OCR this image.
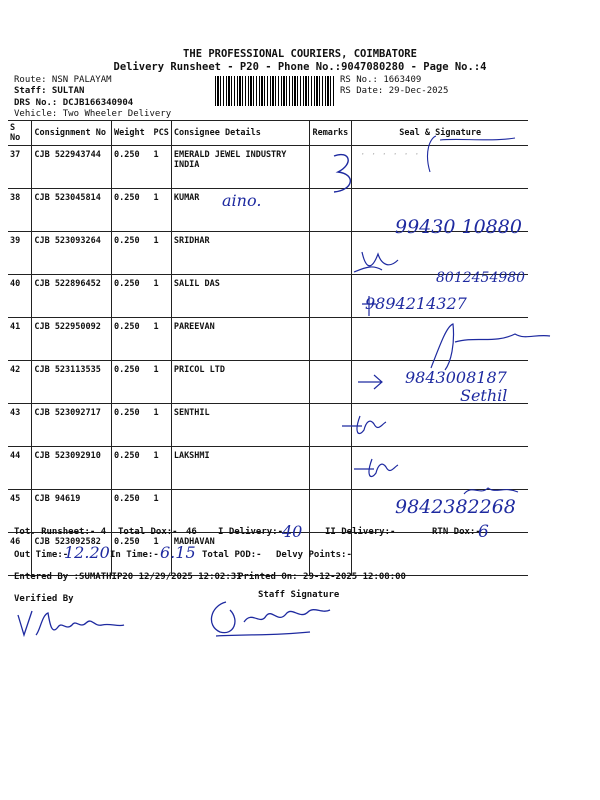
THE PROFESSIONAL COURIERS, COIMBATORE
Delivery Runsheet - P20 - Phone No.:9047080280 - Page No.:4
Route: NSN PALAYAM
Staff: SULTAN
DRS No.: DCJB166340904
Vehicle: Two Wheeler Delivery
RS No.: 1663409
RS Date: 29-Dec-2025
S No	Consignment No	Weight	PCS	Consignee Details	Remarks	Seal & Signature
37	CJB 522943744	0.250	1	EMERALD JEWEL INDUSTRY INDIA		
38	CJB 523045814	0.250	1	KUMAR		
39	CJB 523093264	0.250	1	SRIDHAR		
40	CJB 522896452	0.250	1	SALIL DAS		
41	CJB 522950092	0.250	1	PAREEVAN		
42	CJB 523113535	0.250	1	PRICOL LTD		
43	CJB 523092717	0.250	1	SENTHIL		
44	CJB 523092910	0.250	1	LAKSHMI		
45	CJB 94619	0.250	1			
46	CJB 523092582	0.250	1	MADHAVAN		
· · · · · ·
aino.
99430 10880
8012454980
9894214327
9843008187
Sethil
9842382268
Tot. Runsheet:- 4 Total Dox:- 46 I Delivery:-
40	II Delivery:-	RTN Dox:-
6
Out Time:-
12.20 In Time:- 6.15 Total POD:- Delvy Points:-
Entered By :SUMATHIP20 12/29/2025 12:02:31
Printed On: 29-12-2025 12:08:00
Verified By	Staff Signature
